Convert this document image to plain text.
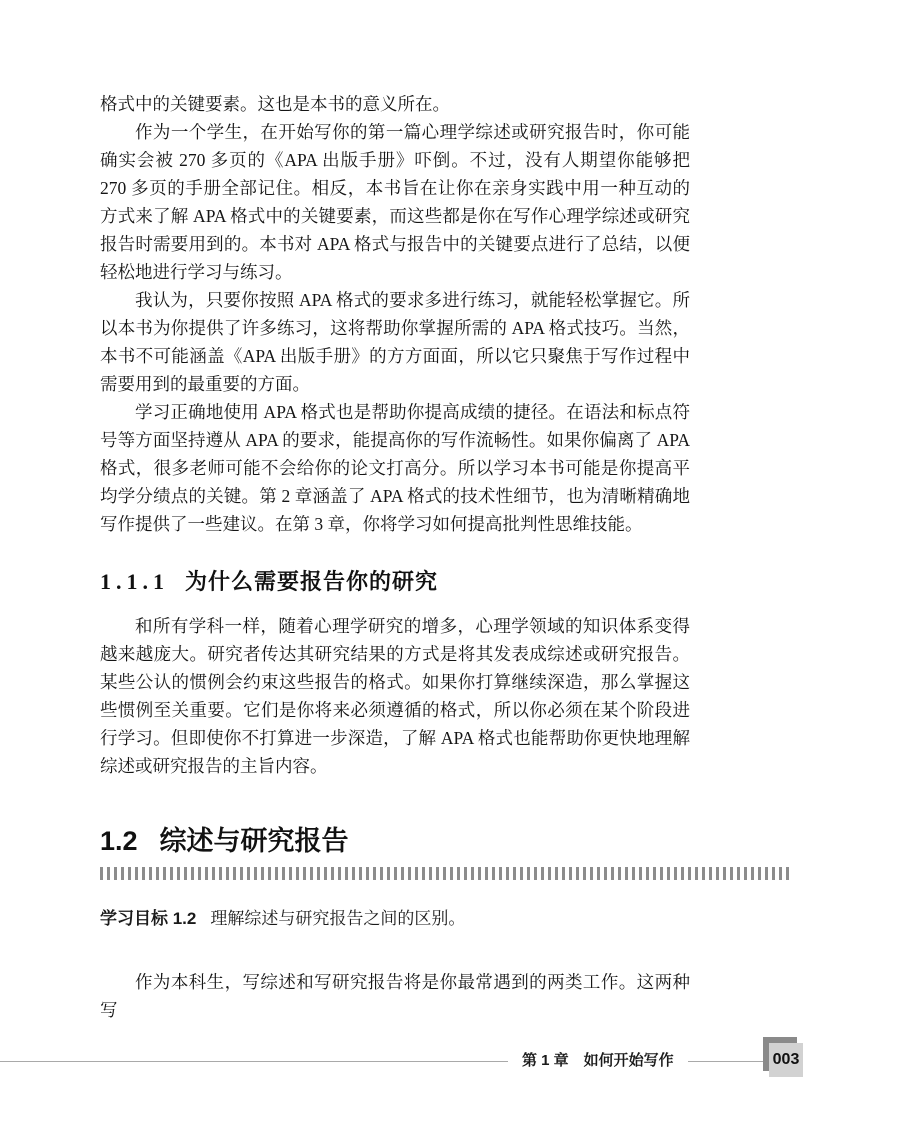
格式中的关键要素。这也是本书的意义所在。

作为一个学生，在开始写你的第一篇心理学综述或研究报告时，你可能确实会被 270 多页的《APA 出版手册》吓倒。不过，没有人期望你能够把 270 多页的手册全部记住。相反，本书旨在让你在亲身实践中用一种互动的方式来了解 APA 格式中的关键要素，而这些都是你在写作心理学综述或研究报告时需要用到的。本书对 APA 格式与报告中的关键要点进行了总结，以便轻松地进行学习与练习。

我认为，只要你按照 APA 格式的要求多进行练习，就能轻松掌握它。所以本书为你提供了许多练习，这将帮助你掌握所需的 APA 格式技巧。当然，本书不可能涵盖《APA 出版手册》的方方面面，所以它只聚焦于写作过程中需要用到的最重要的方面。

学习正确地使用 APA 格式也是帮助你提高成绩的捷径。在语法和标点符号等方面坚持遵从 APA 的要求，能提高你的写作流畅性。如果你偏离了 APA 格式，很多老师可能不会给你的论文打高分。所以学习本书可能是你提高平均学分绩点的关键。第 2 章涵盖了 APA 格式的技术性细节，也为清晰精确地写作提供了一些建议。在第 3 章，你将学习如何提高批判性思维技能。

1.1.1 为什么需要报告你的研究

和所有学科一样，随着心理学研究的增多，心理学领域的知识体系变得越来越庞大。研究者传达其研究结果的方式是将其发表成综述或研究报告。某些公认的惯例会约束这些报告的格式。如果你打算继续深造，那么掌握这些惯例至关重要。它们是你将来必须遵循的格式，所以你必须在某个阶段进行学习。但即使你不打算进一步深造，了解 APA 格式也能帮助你更快地理解综述或研究报告的主旨内容。

1.2 综述与研究报告
学习目标 1.2 理解综述与研究报告之间的区别。

作为本科生，写综述和写研究报告将是你最常遇到的两类工作。这两种写

第 1 章　如何开始写作	003
